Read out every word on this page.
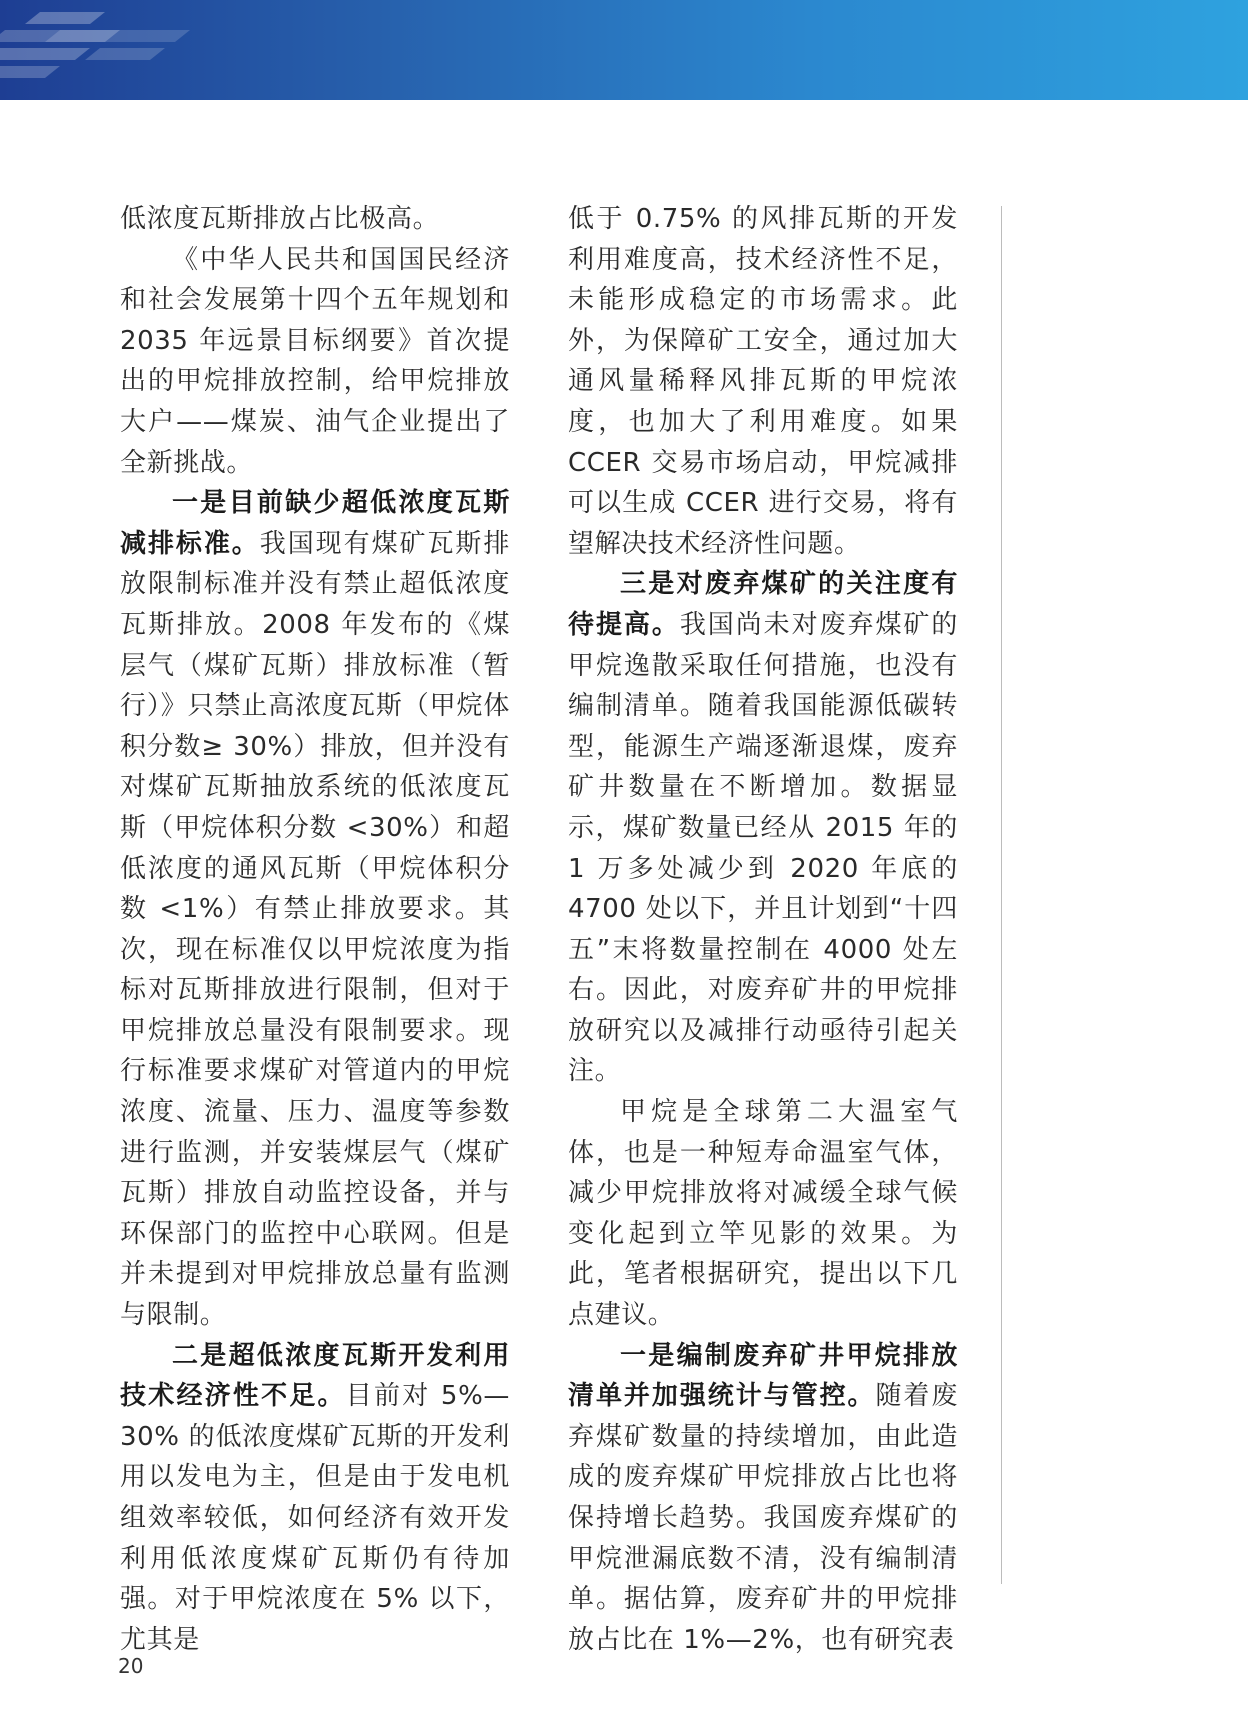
低浓度瓦斯排放占比极高。

《中华人民共和国国民经济和社会发展第十四个五年规划和 2035 年远景目标纲要》首次提出的甲烷排放控制，给甲烷排放大户——煤炭、油气企业提出了全新挑战。

一是目前缺少超低浓度瓦斯减排标准。我国现有煤矿瓦斯排放限制标准并没有禁止超低浓度瓦斯排放。2008 年发布的《煤层气（煤矿瓦斯）排放标准（暂行）》只禁止高浓度瓦斯（甲烷体积分数≥ 30%）排放，但并没有对煤矿瓦斯抽放系统的低浓度瓦斯（甲烷体积分数 <30%）和超低浓度的通风瓦斯（甲烷体积分数 <1%）有禁止排放要求。其次，现在标准仅以甲烷浓度为指标对瓦斯排放进行限制，但对于甲烷排放总量没有限制要求。现行标准要求煤矿对管道内的甲烷浓度、流量、压力、温度等参数进行监测，并安装煤层气（煤矿瓦斯）排放自动监控设备，并与环保部门的监控中心联网。但是并未提到对甲烷排放总量有监测与限制。

二是超低浓度瓦斯开发利用技术经济性不足。目前对 5%—30% 的低浓度煤矿瓦斯的开发利用以发电为主，但是由于发电机组效率较低，如何经济有效开发利用低浓度煤矿瓦斯仍有待加强。对于甲烷浓度在 5% 以下，尤其是

低于 0.75% 的风排瓦斯的开发利用难度高，技术经济性不足，未能形成稳定的市场需求。此外，为保障矿工安全，通过加大通风量稀释风排瓦斯的甲烷浓度，也加大了利用难度。如果 CCER 交易市场启动，甲烷减排可以生成 CCER 进行交易，将有望解决技术经济性问题。

三是对废弃煤矿的关注度有待提高。我国尚未对废弃煤矿的甲烷逸散采取任何措施，也没有编制清单。随着我国能源低碳转型，能源生产端逐渐退煤，废弃矿井数量在不断增加。数据显示，煤矿数量已经从 2015 年的 1 万多处减少到 2020 年底的 4700 处以下，并且计划到“十四五”末将数量控制在 4000 处左右。因此，对废弃矿井的甲烷排放研究以及减排行动亟待引起关注。

甲烷是全球第二大温室气体，也是一种短寿命温室气体，减少甲烷排放将对减缓全球气候变化起到立竿见影的效果。为此，笔者根据研究，提出以下几点建议。

一是编制废弃矿井甲烷排放清单并加强统计与管控。随着废弃煤矿数量的持续增加，由此造成的废弃煤矿甲烷排放占比也将保持增长趋势。我国废弃煤矿的甲烷泄漏底数不清，没有编制清单。据估算，废弃矿井的甲烷排放占比在 1%—2%，也有研究表

20
